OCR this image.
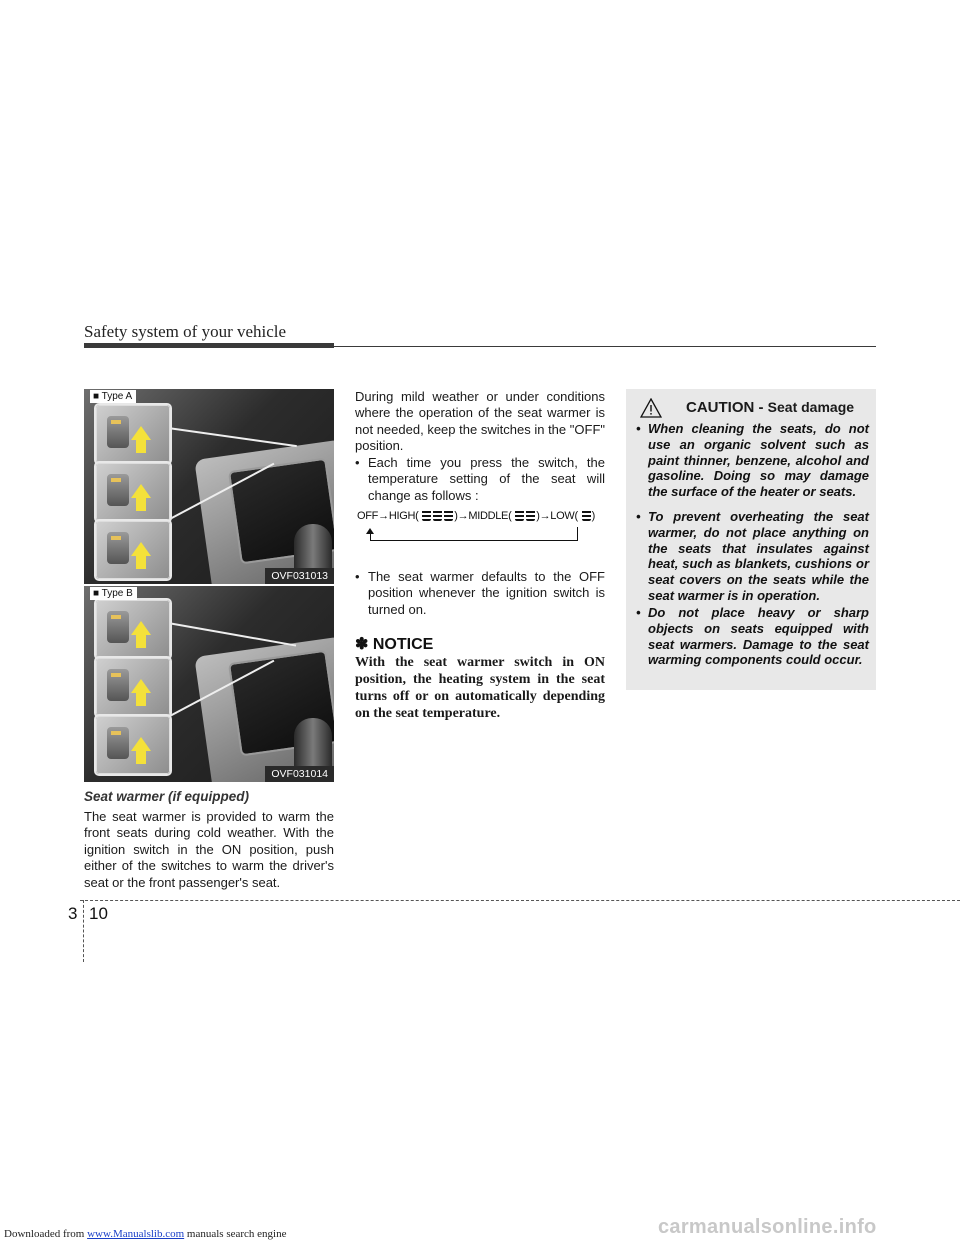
Safety system of your vehicle
■ Type A
OVF031013
■ Type B
OVF031014
Seat warmer (if equipped)
The seat warmer is provided to warm the front seats during cold weather. With the ignition switch in the ON position, push either of the switches to warm the driver's seat or the front passenger's seat.
During mild weather or under conditions where the operation of the seat warmer is not needed, keep the switches in the "OFF" position.
• Each time you press the switch, the temperature setting of the seat will change as follows :
OFF→HIGH(	)→MIDDLE( )→LOW( )
• The seat warmer defaults to the OFF position whenever the ignition switch is turned on.
✽ NOTICE
With the seat warmer switch in ON position, the heating system in the seat turns off or on automatically depending on the seat temperature.
CAUTION - Seat damage
• When cleaning the seats, do not use an organic solvent such as paint thinner, benzene, alcohol and gasoline. Doing so may damage the surface of the heater or seats.
• To prevent overheating the seat warmer, do not place anything on the seats that insulates against heat, such as blankets, cushions or seat covers on the seats while the seat warmer is in operation.
• Do not place heavy or sharp objects on seats equipped with seat warmers. Damage to the seat warming components could occur.
3 10
carmanualsonline.info
Downloaded from www.Manualslib.com manuals search engine
